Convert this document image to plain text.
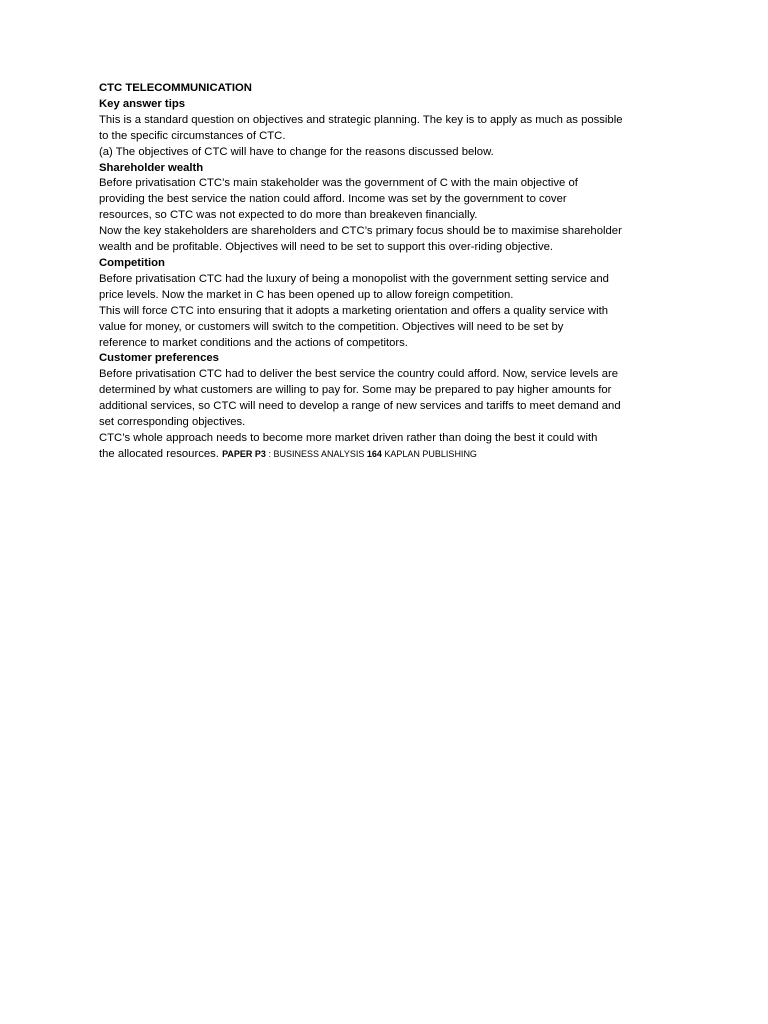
CTC TELECOMMUNICATION
Key answer tips
This is a standard question on objectives and strategic planning. The key is to apply as much as possible
to the specific circumstances of CTC.
(a) The objectives of CTC will have to change for the reasons discussed below.
Shareholder wealth
Before privatisation CTC’s main stakeholder was the government of C with the main objective of
providing the best service the nation could afford. Income was set by the government to cover
resources, so CTC was not expected to do more than breakeven financially.
Now the key stakeholders are shareholders and CTC’s primary focus should be to maximise shareholder
wealth and be profitable. Objectives will need to be set to support this over-riding objective.
Competition
Before privatisation CTC had the luxury of being a monopolist with the government setting service and
price levels. Now the market in C has been opened up to allow foreign competition.
This will force CTC into ensuring that it adopts a marketing orientation and offers a quality service with
value for money, or customers will switch to the competition. Objectives will need to be set by
reference to market conditions and the actions of competitors.
Customer preferences
Before privatisation CTC had to deliver the best service the country could afford. Now, service levels are
determined by what customers are willing to pay for. Some may be prepared to pay higher amounts for
additional services, so CTC will need to develop a range of new services and tariffs to meet demand and
set corresponding objectives.
CTC’s whole approach needs to become more market driven rather than doing the best it could with
the allocated resources. PAPER P3 : BUSINESS ANALYSIS 164 KAPLAN PUBLISHING
